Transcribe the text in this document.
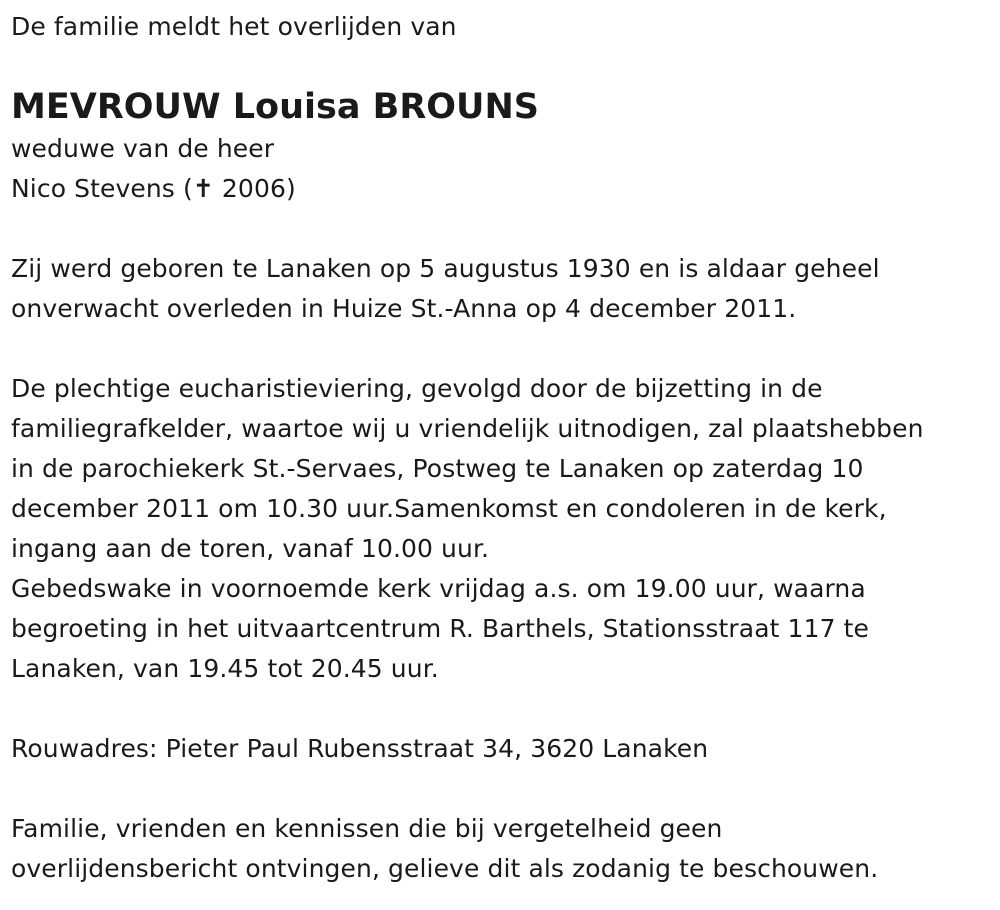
De familie meldt het overlijden van
MEVROUW Louisa BROUNS
weduwe van de heer
Nico Stevens (✝ 2006)
Zij werd geboren te Lanaken op 5 augustus 1930 en is aldaar geheel
onverwacht overleden in Huize St.-Anna op 4 december 2011.
De plechtige eucharistieviering, gevolgd door de bijzetting in de
familiegrafkelder, waartoe wij u vriendelijk uitnodigen, zal plaatshebben
in de parochiekerk St.-Servaes, Postweg te Lanaken op zaterdag 10
december 2011 om 10.30 uur.Samenkomst en condoleren in de kerk,
ingang aan de toren, vanaf 10.00 uur.
Gebedswake in voornoemde kerk vrijdag a.s. om 19.00 uur, waarna
begroeting in het uitvaartcentrum R. Barthels, Stationsstraat 117 te
Lanaken, van 19.45 tot 20.45 uur.
Rouwadres: Pieter Paul Rubensstraat 34, 3620 Lanaken
Familie, vrienden en kennissen die bij vergetelheid geen
overlijdensbericht ontvingen, gelieve dit als zodanig te beschouwen.
